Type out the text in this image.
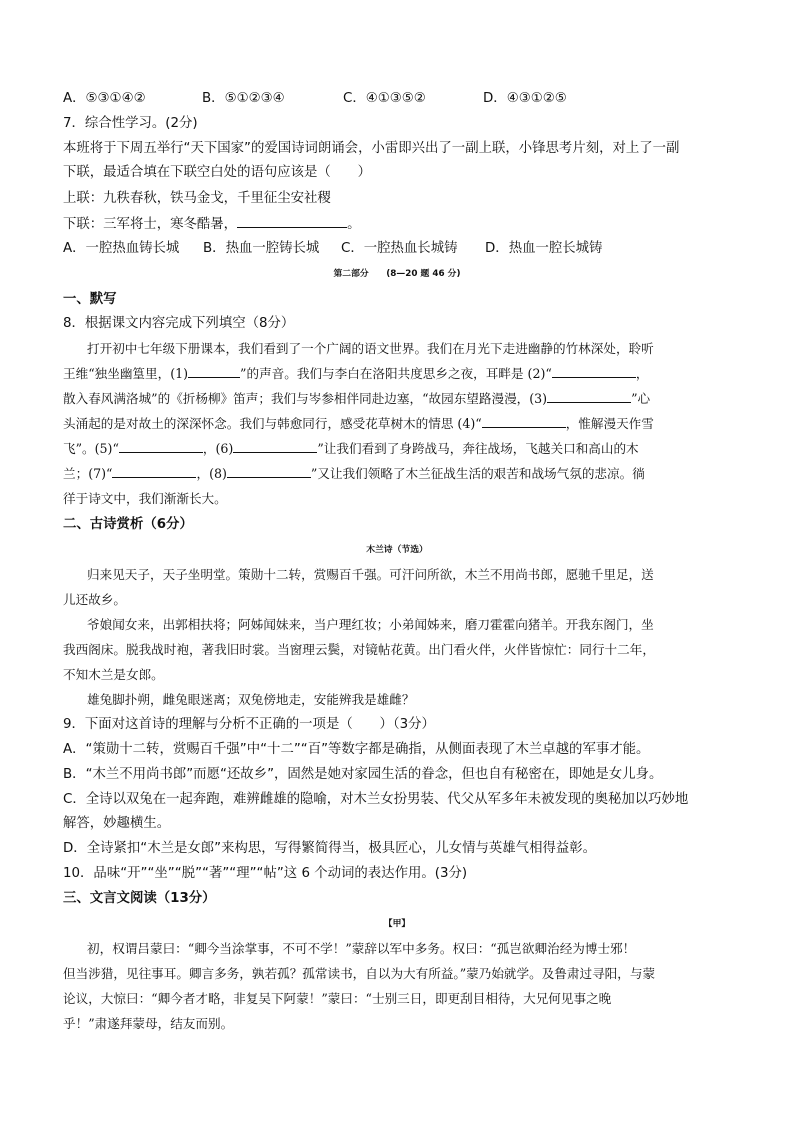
A．⑤③①④②	B．⑤①②③④	C．④①③⑤②	D．④③①②⑤
7．综合性学习。(2分)
本班将于下周五举行“天下国家”的爱国诗词朗诵会，小雷即兴出了一副上联，小锋思考片刻，对上了一副
下联，最适合填在下联空白处的语句应该是（　　）
上联：九秩春秋，铁马金戈，千里征尘安社稷
下联：三军将士，寒冬酷暑，	。
A．一腔热血铸长城 B．热血一腔铸长城 C．一腔热血长城铸 D．热血一腔长城铸
第二部分　　(8—20 题 46 分)
一、默写
8．根据课文内容完成下列填空（8分）
打开初中七年级下册课本，我们看到了一个广阔的语文世界。我们在月光下走进幽静的竹林深处，聆听
王维“独坐幽篁里，(1)	”的声音。我们与李白在洛阳共度思乡之夜，耳畔是 (2)“	，
散入春风满洛城”的《折杨柳》笛声；我们与岑参相伴同赴边塞，“故园东望路漫漫，(3)	”心
头涌起的是对故土的深深怀念。我们与韩愈同行，感受花草树木的情思 (4)“	，惟解漫天作雪
飞”。(5)“	，(6)	”让我们看到了身跨战马，奔往战场，飞越关口和高山的木
兰；(7)“	，(8)	”又让我们领略了木兰征战生活的艰苦和战场气氛的悲凉。徜
徉于诗文中，我们渐渐长大。
二、古诗赏析（6分）
木兰诗（节选）
归来见天子，天子坐明堂。策勋十二转，赏赐百千强。可汗问所欲，木兰不用尚书郎，愿驰千里足，送
儿还故乡。
爷娘闻女来，出郭相扶将；阿姊闻妹来，当户理红妆；小弟闻姊来，磨刀霍霍向猪羊。开我东阁门，坐
我西阁床。脱我战时袍，著我旧时裳。当窗理云鬓，对镜帖花黄。出门看火伴，火伴皆惊忙：同行十二年，
不知木兰是女郎。
雄兔脚扑朔，雌兔眼迷离；双兔傍地走，安能辨我是雄雌？
9．下面对这首诗的理解与分析不正确的一项是（　　）（3分）
A．“策勋十二转，赏赐百千强”中“十二”“百”等数字都是确指，从侧面表现了木兰卓越的军事才能。
B．“木兰不用尚书郎”而愿“还故乡”，固然是她对家园生活的眷念，但也自有秘密在，即她是女儿身。
C．全诗以双兔在一起奔跑，难辨雌雄的隐喻，对木兰女扮男装、代父从军多年未被发现的奥秘加以巧妙地
解答，妙趣横生。
D．全诗紧扣“木兰是女郎”来构思，写得繁简得当，极具匠心，儿女情与英雄气相得益彰。
10．品味“开”“坐”“脱”“著”“理”“帖”这 6 个动词的表达作用。(3分)
三、文言文阅读（13分）
【甲】
初，权谓吕蒙曰：“卿今当涂掌事，不可不学！”蒙辞以军中多务。权曰：“孤岂欲卿治经为博士邪！
但当涉猎，见往事耳。卿言多务，孰若孤？孤常读书，自以为大有所益。”蒙乃始就学。及鲁肃过寻阳，与蒙
论议，大惊曰：“卿今者才略，非复吴下阿蒙！”蒙曰：“士别三日，即更刮目相待，大兄何见事之晚
乎！”肃遂拜蒙母，结友而别。
